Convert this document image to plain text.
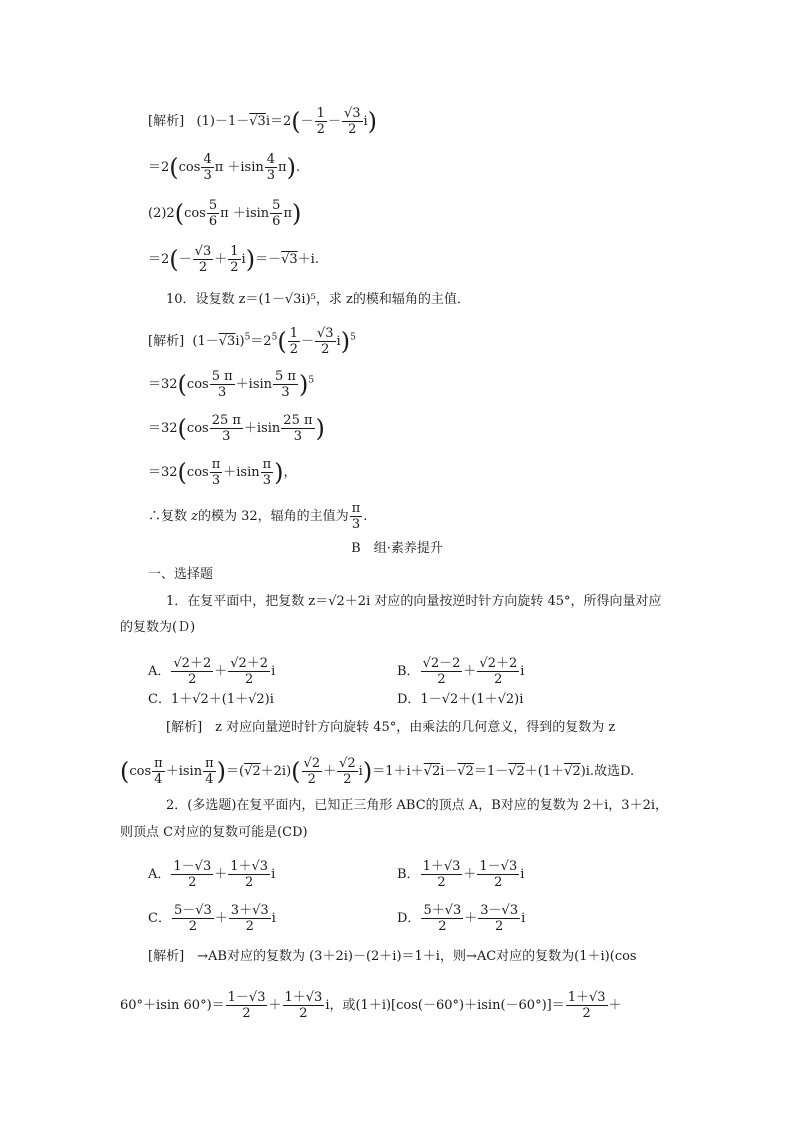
[解析]   $(1)-1-√3i=2(- \frac{1}{2} - \frac{√3}{2} i)$
$=2(\cos \frac{4}{3}$ $\pi +isin \frac{4}{3} \pi$).
$(2)2(\cos \frac{5}{6}$ $\pi +isin \frac{5}{6} \pi$)
$=2(- \frac{√3}{2} + \frac{1}{2} i)=-√3+i$.
10．设复数 z＝(1－√3i)⁵，求 z的模和辐角的主值．
[解析]  $(1-√3i)^5=2^5( \frac{1}{2} - \frac{√3}{2} i)^5$
$=32(\cos \frac{5 \pi}{3} +isin \frac{5 \pi}{3} )^5$
$=32(\cos \frac{25 \pi}{3} +isin \frac{25 \pi}{3}$ )
$=32(\cos \frac{\pi}{3} +isin \frac{\pi}{3}$ )，
∴复数 z的模为 32，辐角的主值为 $\frac{\pi}{3}$ .
B　组·素养提升
一、选择题
1．在复平面中，把复数 z＝√2＋2i 对应的向量按逆时针方向旋转 45°，所得向量对应
的复数为(Ｄ)
A． $\frac{√2+2}{2} + \frac{√2+2}{2}$ i	B． $\frac{√2-2}{2} + \frac{√2+2}{2}$ i
C．1＋√2＋(1＋√2)i	D．1－√2＋(1＋√2)i
[解析]　z 对应向量逆时针方向旋转 45°，由乘法的几何意义，得到的复数为 z
$(\cos \frac{\pi}{4} +isin \frac{\pi}{4} )=(√2+2i)( \frac{√2}{2} + \frac{√2}{2} i)=1+i+√2i-√2=1-√2+(1+√2)i$.故选D.
2．(多选题)在复平面内，已知正三角形 ABC的顶点 A，B对应的复数为 2＋i，3＋2i，
则顶点 C对应的复数可能是(CD)
A． $\frac{1-√3}{2} + \frac{1+√3}{2}$ i	B． $\frac{1+√3}{2} + \frac{1-√3}{2}$ i
C． $\frac{5-√3}{2} + \frac{3+√3}{2}$ i	D． $\frac{5+√3}{2} + \frac{3-√3}{2}$ i
[解析]　→AB对应的复数为 (3＋2i)－(2＋i)＝1＋i，则→AC对应的复数为(1＋i)(cos
60°＋isin $60^\circ)= \frac{1-√3}{2} + \frac{1+√3}{2}$ i，或$(1+i)[\cos(-60^\circ)+isin(-60^\circ)]= \frac{1+√3}{2}$ ＋
